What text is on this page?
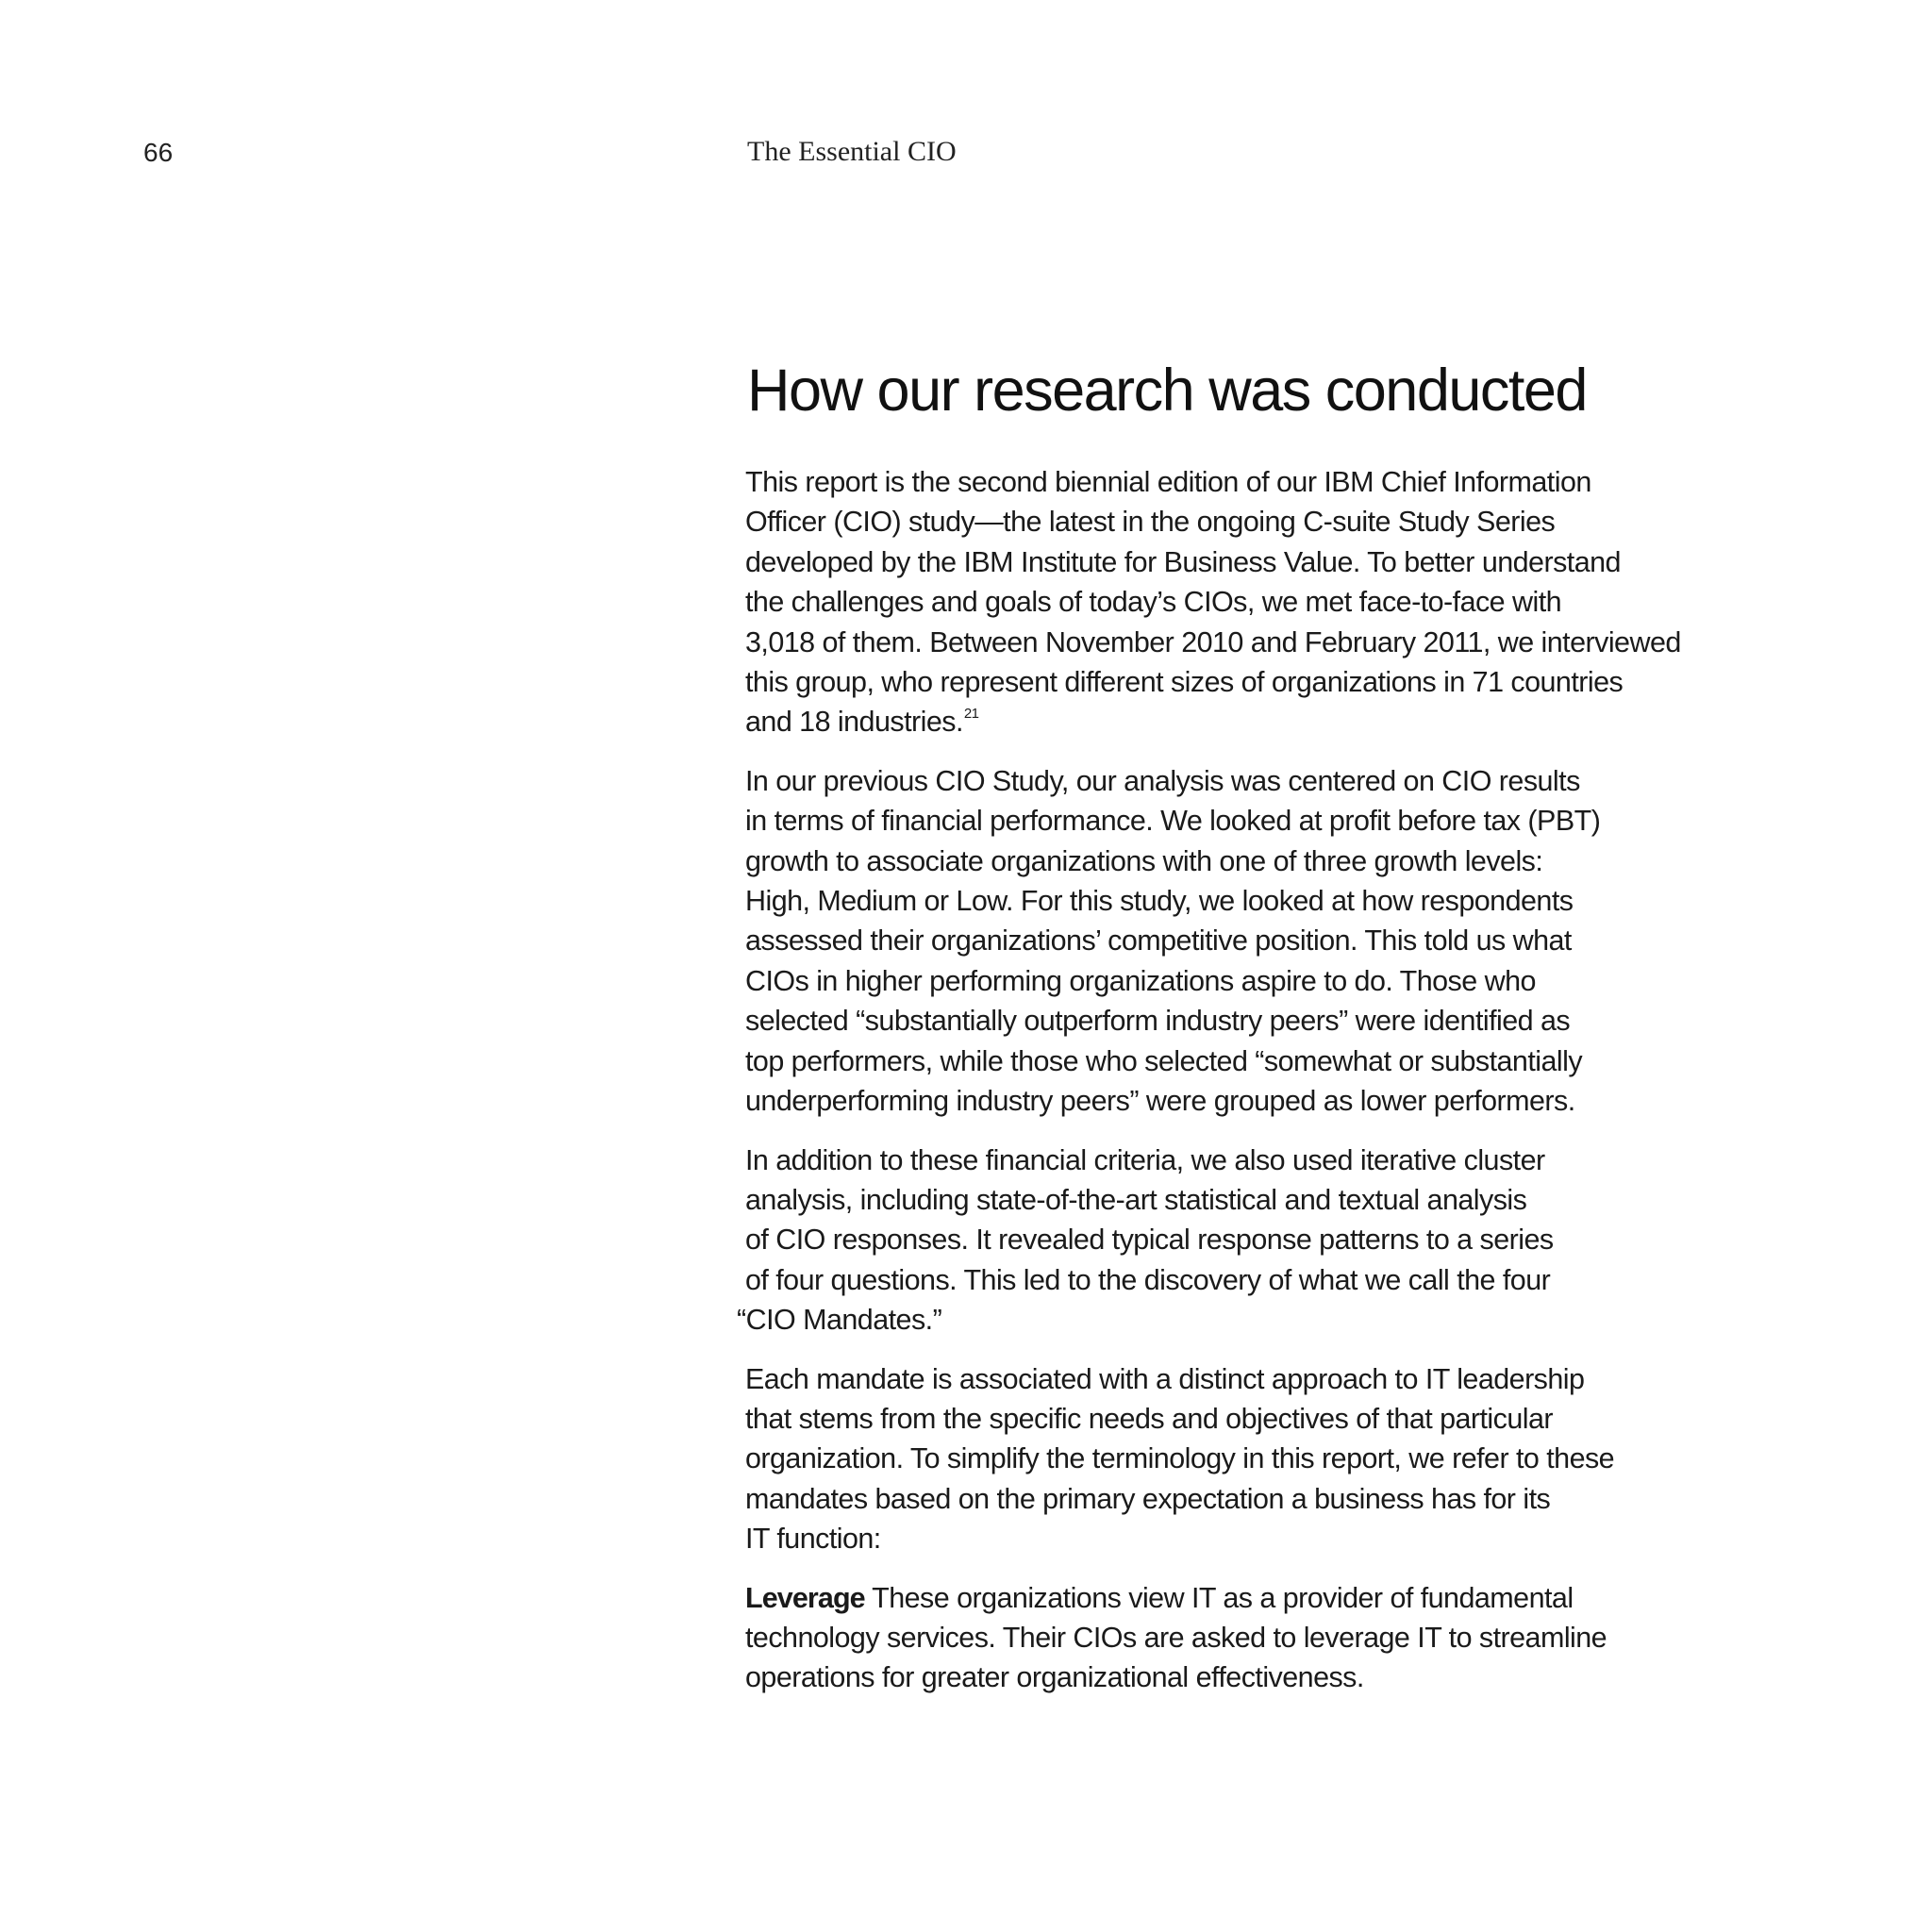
66	The Essential CIO
How our research was conducted

This report is the second biennial edition of our IBM Chief Information
Officer (CIO) study—the latest in the ongoing C-suite Study Series
developed by the IBM Institute for Business Value. To better understand
the challenges and goals of today’s CIOs, we met face-to-face with
3,018 of them. Between November 2010 and February 2011, we interviewed
this group, who represent different sizes of organizations in 71 countries
and 18 industries.$^{21}$

In our previous CIO Study, our analysis was centered on CIO results
in terms of financial performance. We looked at profit before tax (PBT)
growth to associate organizations with one of three growth levels:
High, Medium or Low. For this study, we looked at how respondents
assessed their organizations’ competitive position. This told us what
CIOs in higher performing organizations aspire to do. Those who
selected “substantially outperform industry peers” were identified as
top performers, while those who selected “somewhat or substantially
underperforming industry peers” were grouped as lower performers.

In addition to these financial criteria, we also used iterative cluster
analysis, including state-of-the-art statistical and textual analysis
of CIO responses. It revealed typical response patterns to a series
of four questions. This led to the discovery of what we call the four
“CIO Mandates.”

Each mandate is associated with a distinct approach to IT leadership
that stems from the specific needs and objectives of that particular
organization. To simplify the terminology in this report, we refer to these
mandates based on the primary expectation a business has for its
IT function:

Leverage These organizations view IT as a provider of fundamental
technology services. Their CIOs are asked to leverage IT to streamline
operations for greater organizational effectiveness.
